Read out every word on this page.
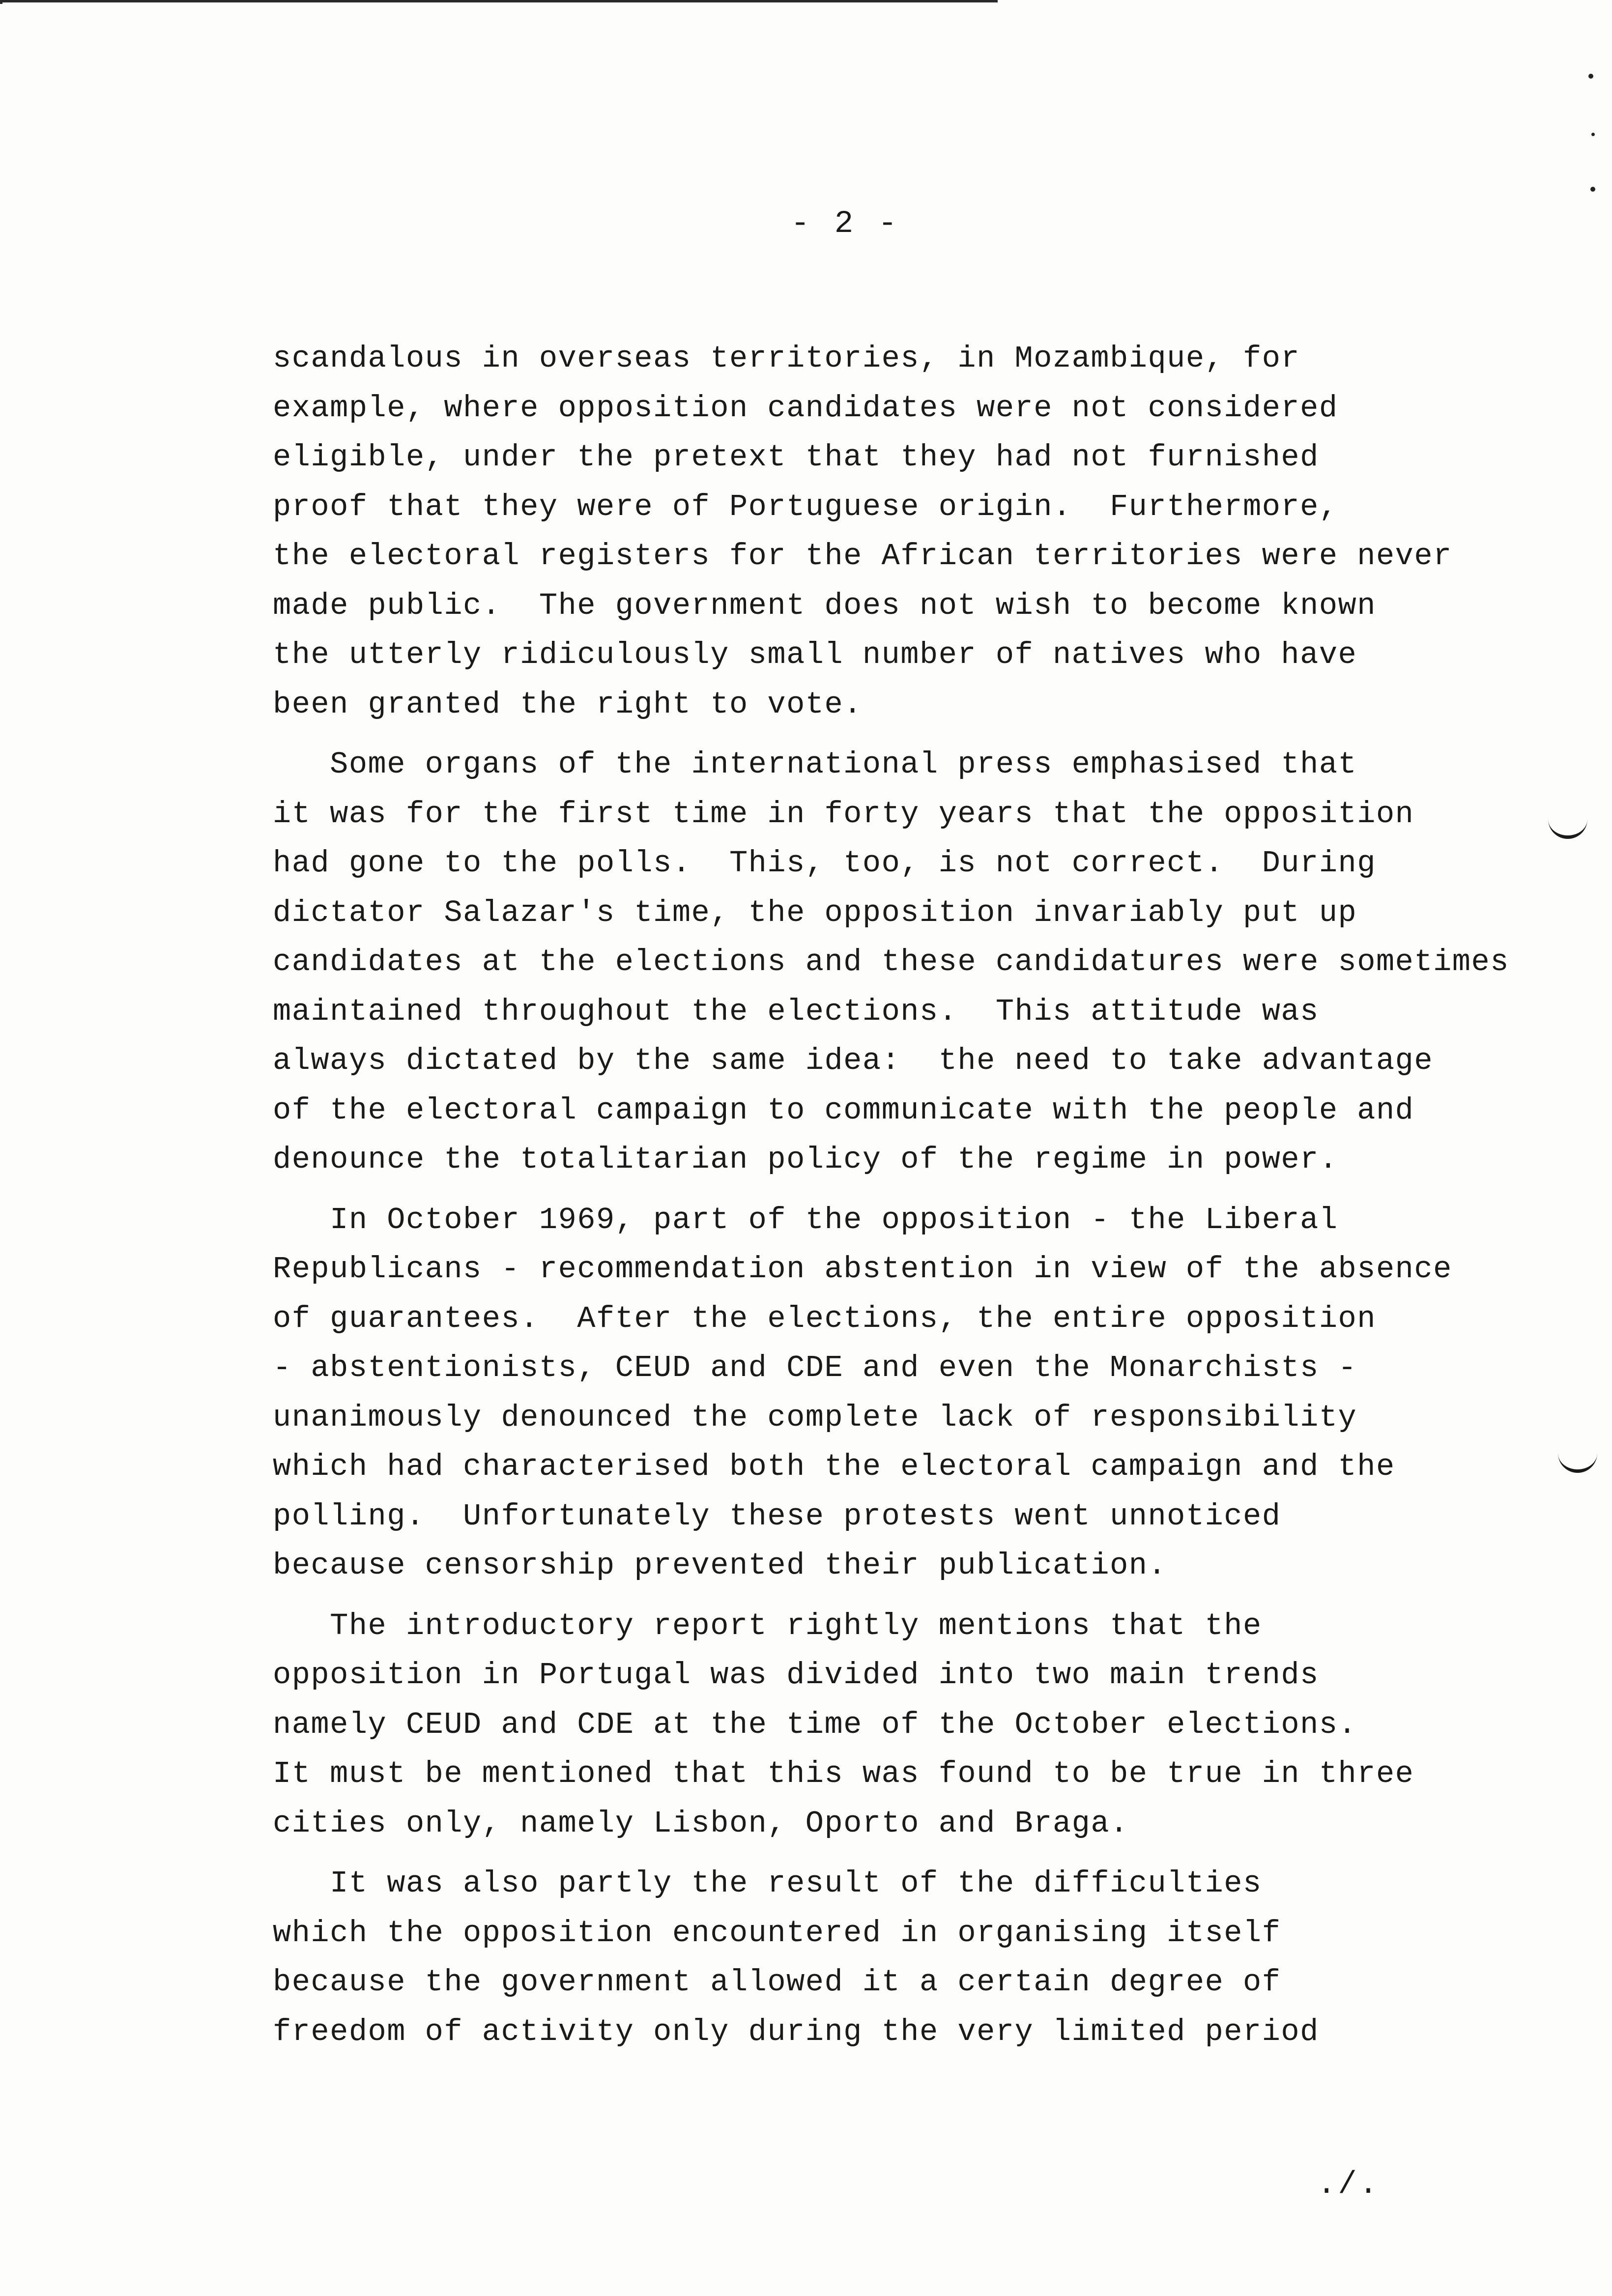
- 2 -
scandalous in overseas territories, in Mozambique, for
example, where opposition candidates were not considered
eligible, under the pretext that they had not furnished
proof that they were of Portuguese origin.  Furthermore,
the electoral registers for the African territories were never
made public.  The government does not wish to become known
the utterly ridiculously small number of natives who have
been granted the right to vote.
Some organs of the international press emphasised that
it was for the first time in forty years that the opposition
had gone to the polls.  This, too, is not correct.  During
dictator Salazar's time, the opposition invariably put up
candidates at the elections and these candidatures were sometimes
maintained throughout the elections.  This attitude was
always dictated by the same idea:  the need to take advantage
of the electoral campaign to communicate with the people and
denounce the totalitarian policy of the regime in power.
In October 1969, part of the opposition - the Liberal
Republicans - recommendation abstention in view of the absence
of guarantees.  After the elections, the entire opposition
- abstentionists, CEUD and CDE and even the Monarchists -
unanimously denounced the complete lack of responsibility
which had characterised both the electoral campaign and the
polling.  Unfortunately these protests went unnoticed
because censorship prevented their publication.
The introductory report rightly mentions that the
opposition in Portugal was divided into two main trends
namely CEUD and CDE at the time of the October elections.
It must be mentioned that this was found to be true in three
cities only, namely Lisbon, Oporto and Braga.
It was also partly the result of the difficulties
which the opposition encountered in organising itself
because the government allowed it a certain degree of
freedom of activity only during the very limited period
./.
